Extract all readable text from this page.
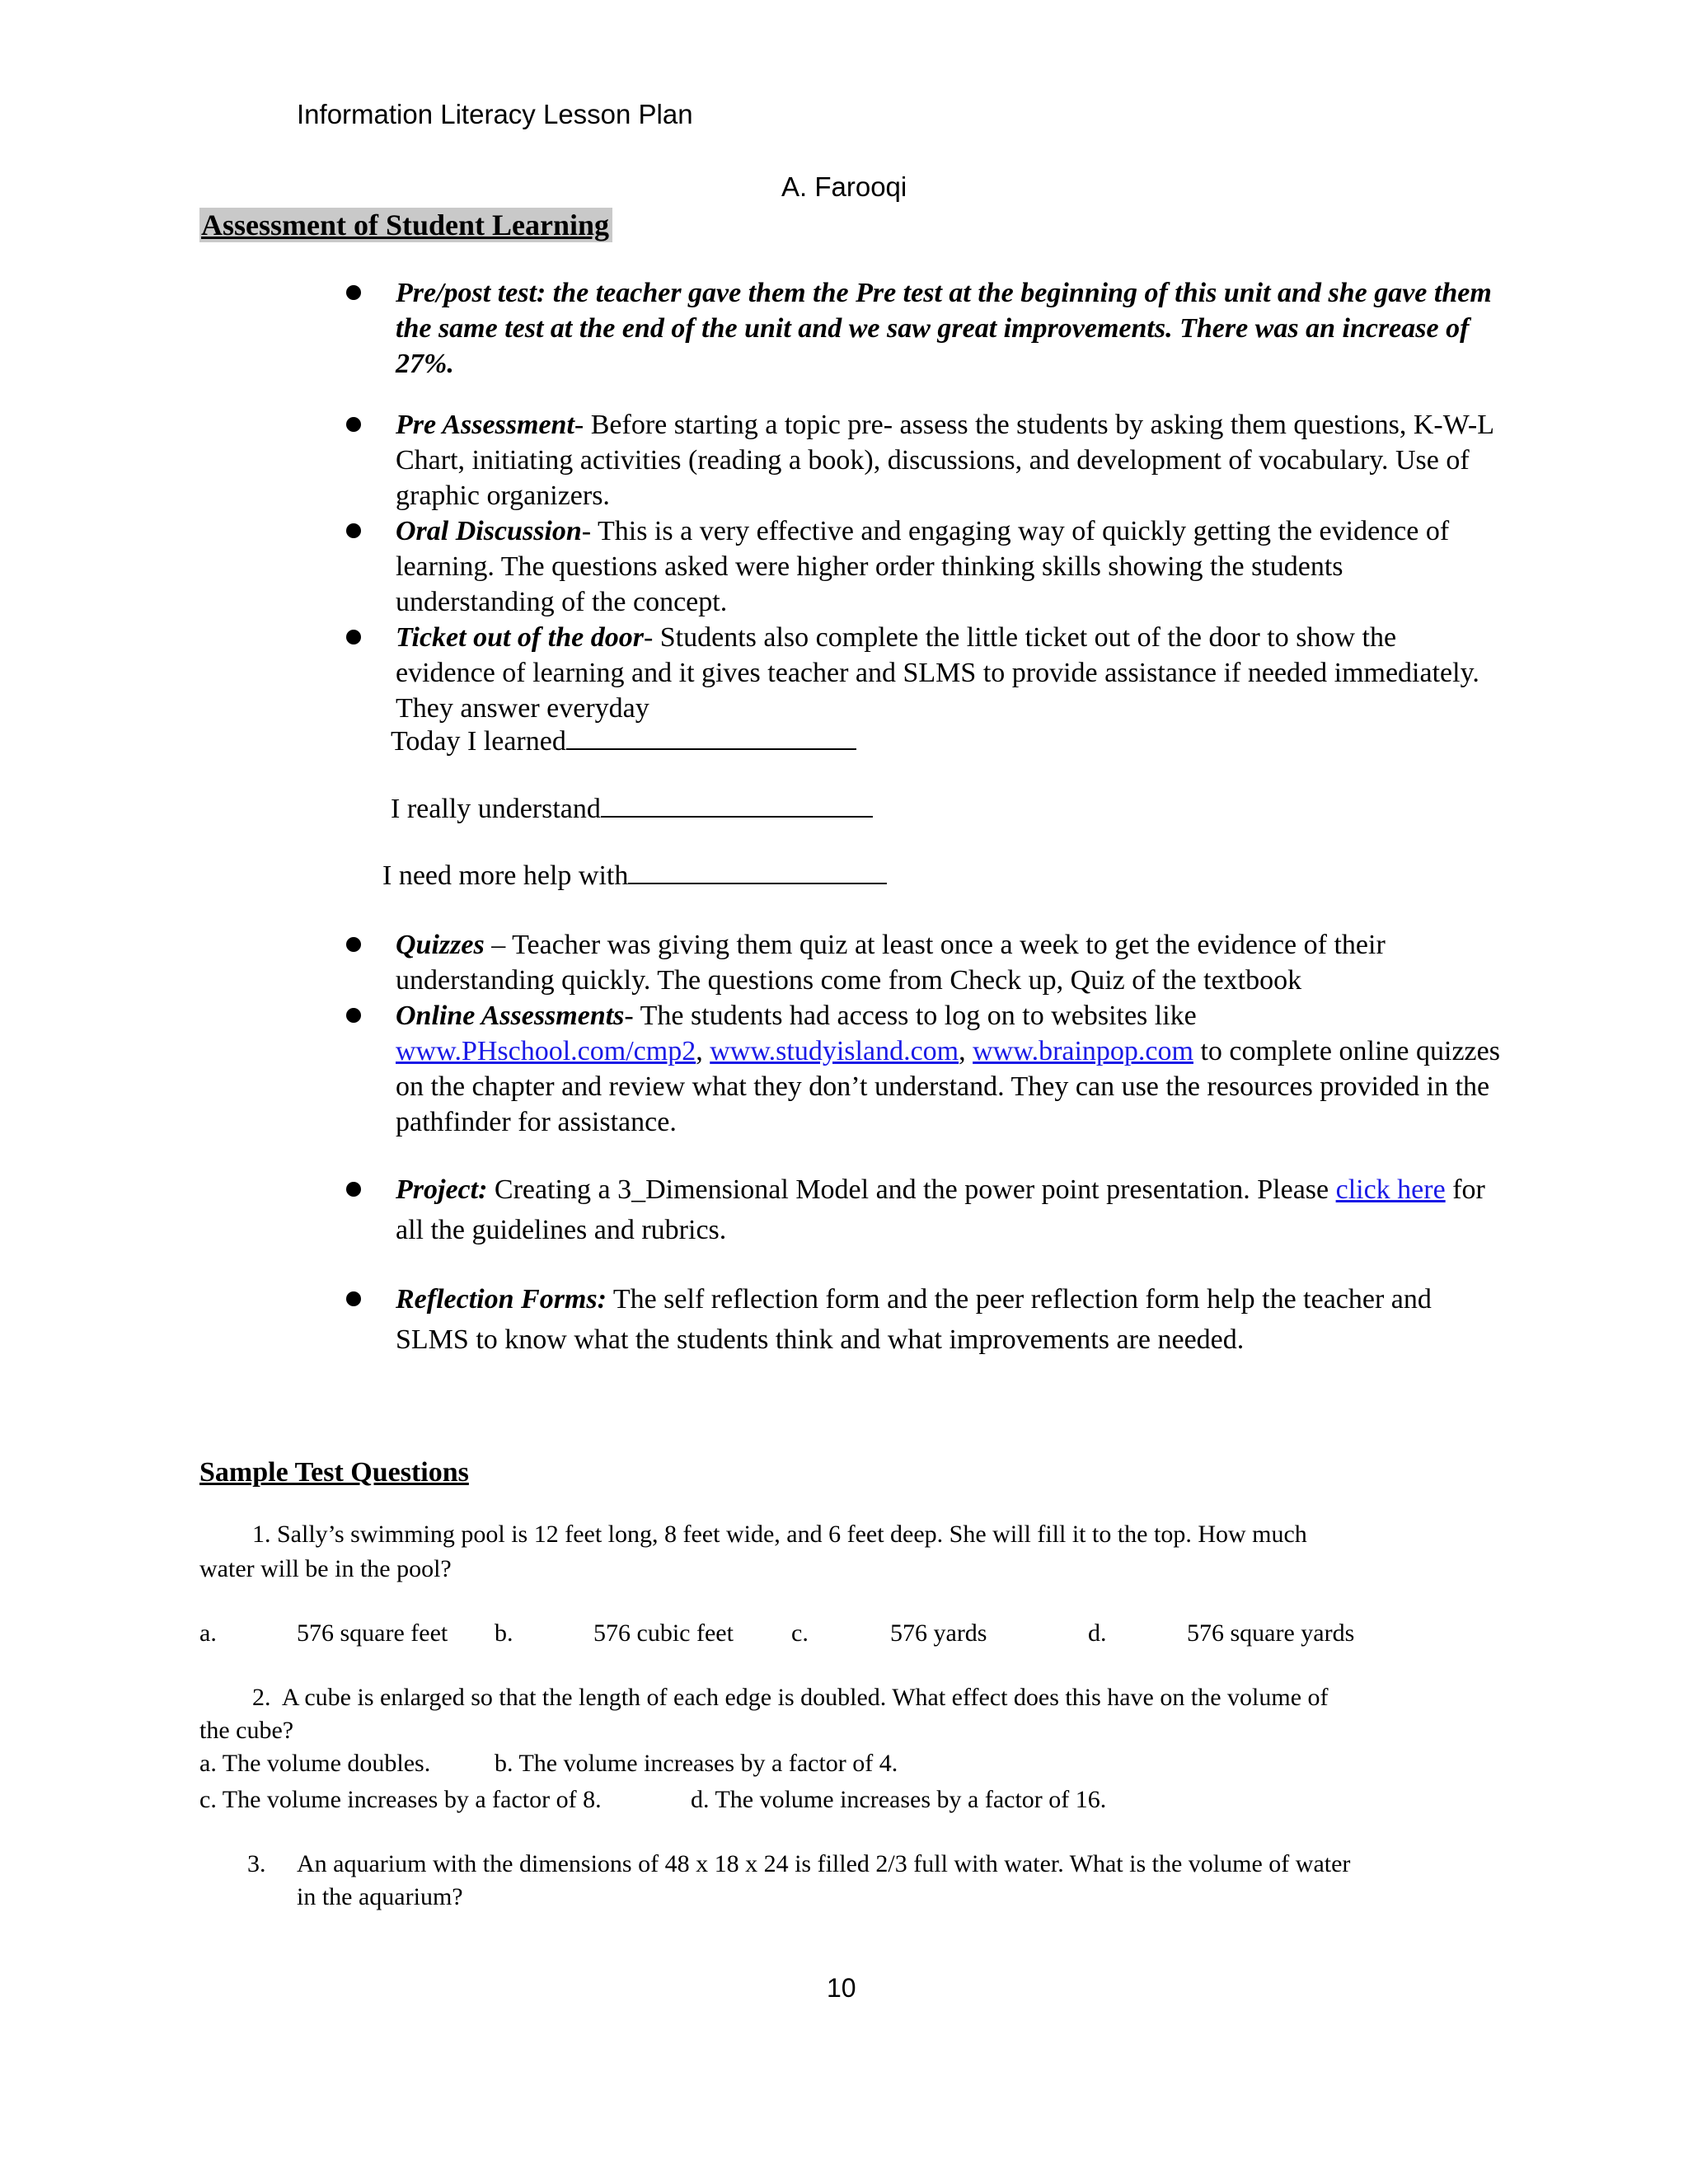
Information Literacy Lesson Plan
A. Farooqi
Assessment of Student Learning
Pre/post test: the teacher gave them the Pre test at the beginning of this unit and she gave them the same test at the end of the unit and we saw great improvements. There was an increase of 27%.
Pre Assessment- Before starting a topic pre- assess the students by asking them questions, K-W-L Chart, initiating activities (reading a book), discussions, and development of vocabulary. Use of graphic organizers.
Oral Discussion- This is a very effective and engaging way of quickly getting the evidence of learning. The questions asked were higher order thinking skills showing the students understanding of the concept.
Ticket out of the door- Students also complete the little ticket out of the door to show the evidence of learning and it gives teacher and SLMS to provide assistance if needed immediately. They answer everyday
Quizzes – Teacher was giving them quiz at least once a week to get the evidence of their understanding quickly. The questions come from Check up, Quiz of the textbook
Online Assessments- The students had access to log on to websites like
www.PHschool.com/cmp2, www.studyisland.com, www.brainpop.com to complete online quizzes on the chapter and review what they don’t understand. They can use the resources provided in the pathfinder for assistance.
Project: Creating a 3_Dimensional Model and the power point presentation. Please click here for all the guidelines and rubrics.
Reflection Forms: The self reflection form and the peer reflection form help the teacher and SLMS to know what the students think and what improvements are needed.
Today I learned
I really understand
I need more help with
Sample Test Questions
1. Sally’s swimming pool is 12 feet long, 8 feet wide, and 6 feet deep. She will fill it to the top. How much
water will be in the pool?
a.	576 square feet b.	576 cubic feet c.	576 yards	d.	576 square yards
2. A cube is enlarged so that the length of each edge is doubled. What effect does this have on the volume of
the cube?
a. The volume doubles.	b. The volume increases by a factor of 4.
c. The volume increases by a factor of 8.	d. The volume increases by a factor of 16.
3. An aquarium with the dimensions of 48 x 18 x 24 is filled 2/3 full with water. What is the volume of water
in the aquarium?
10
